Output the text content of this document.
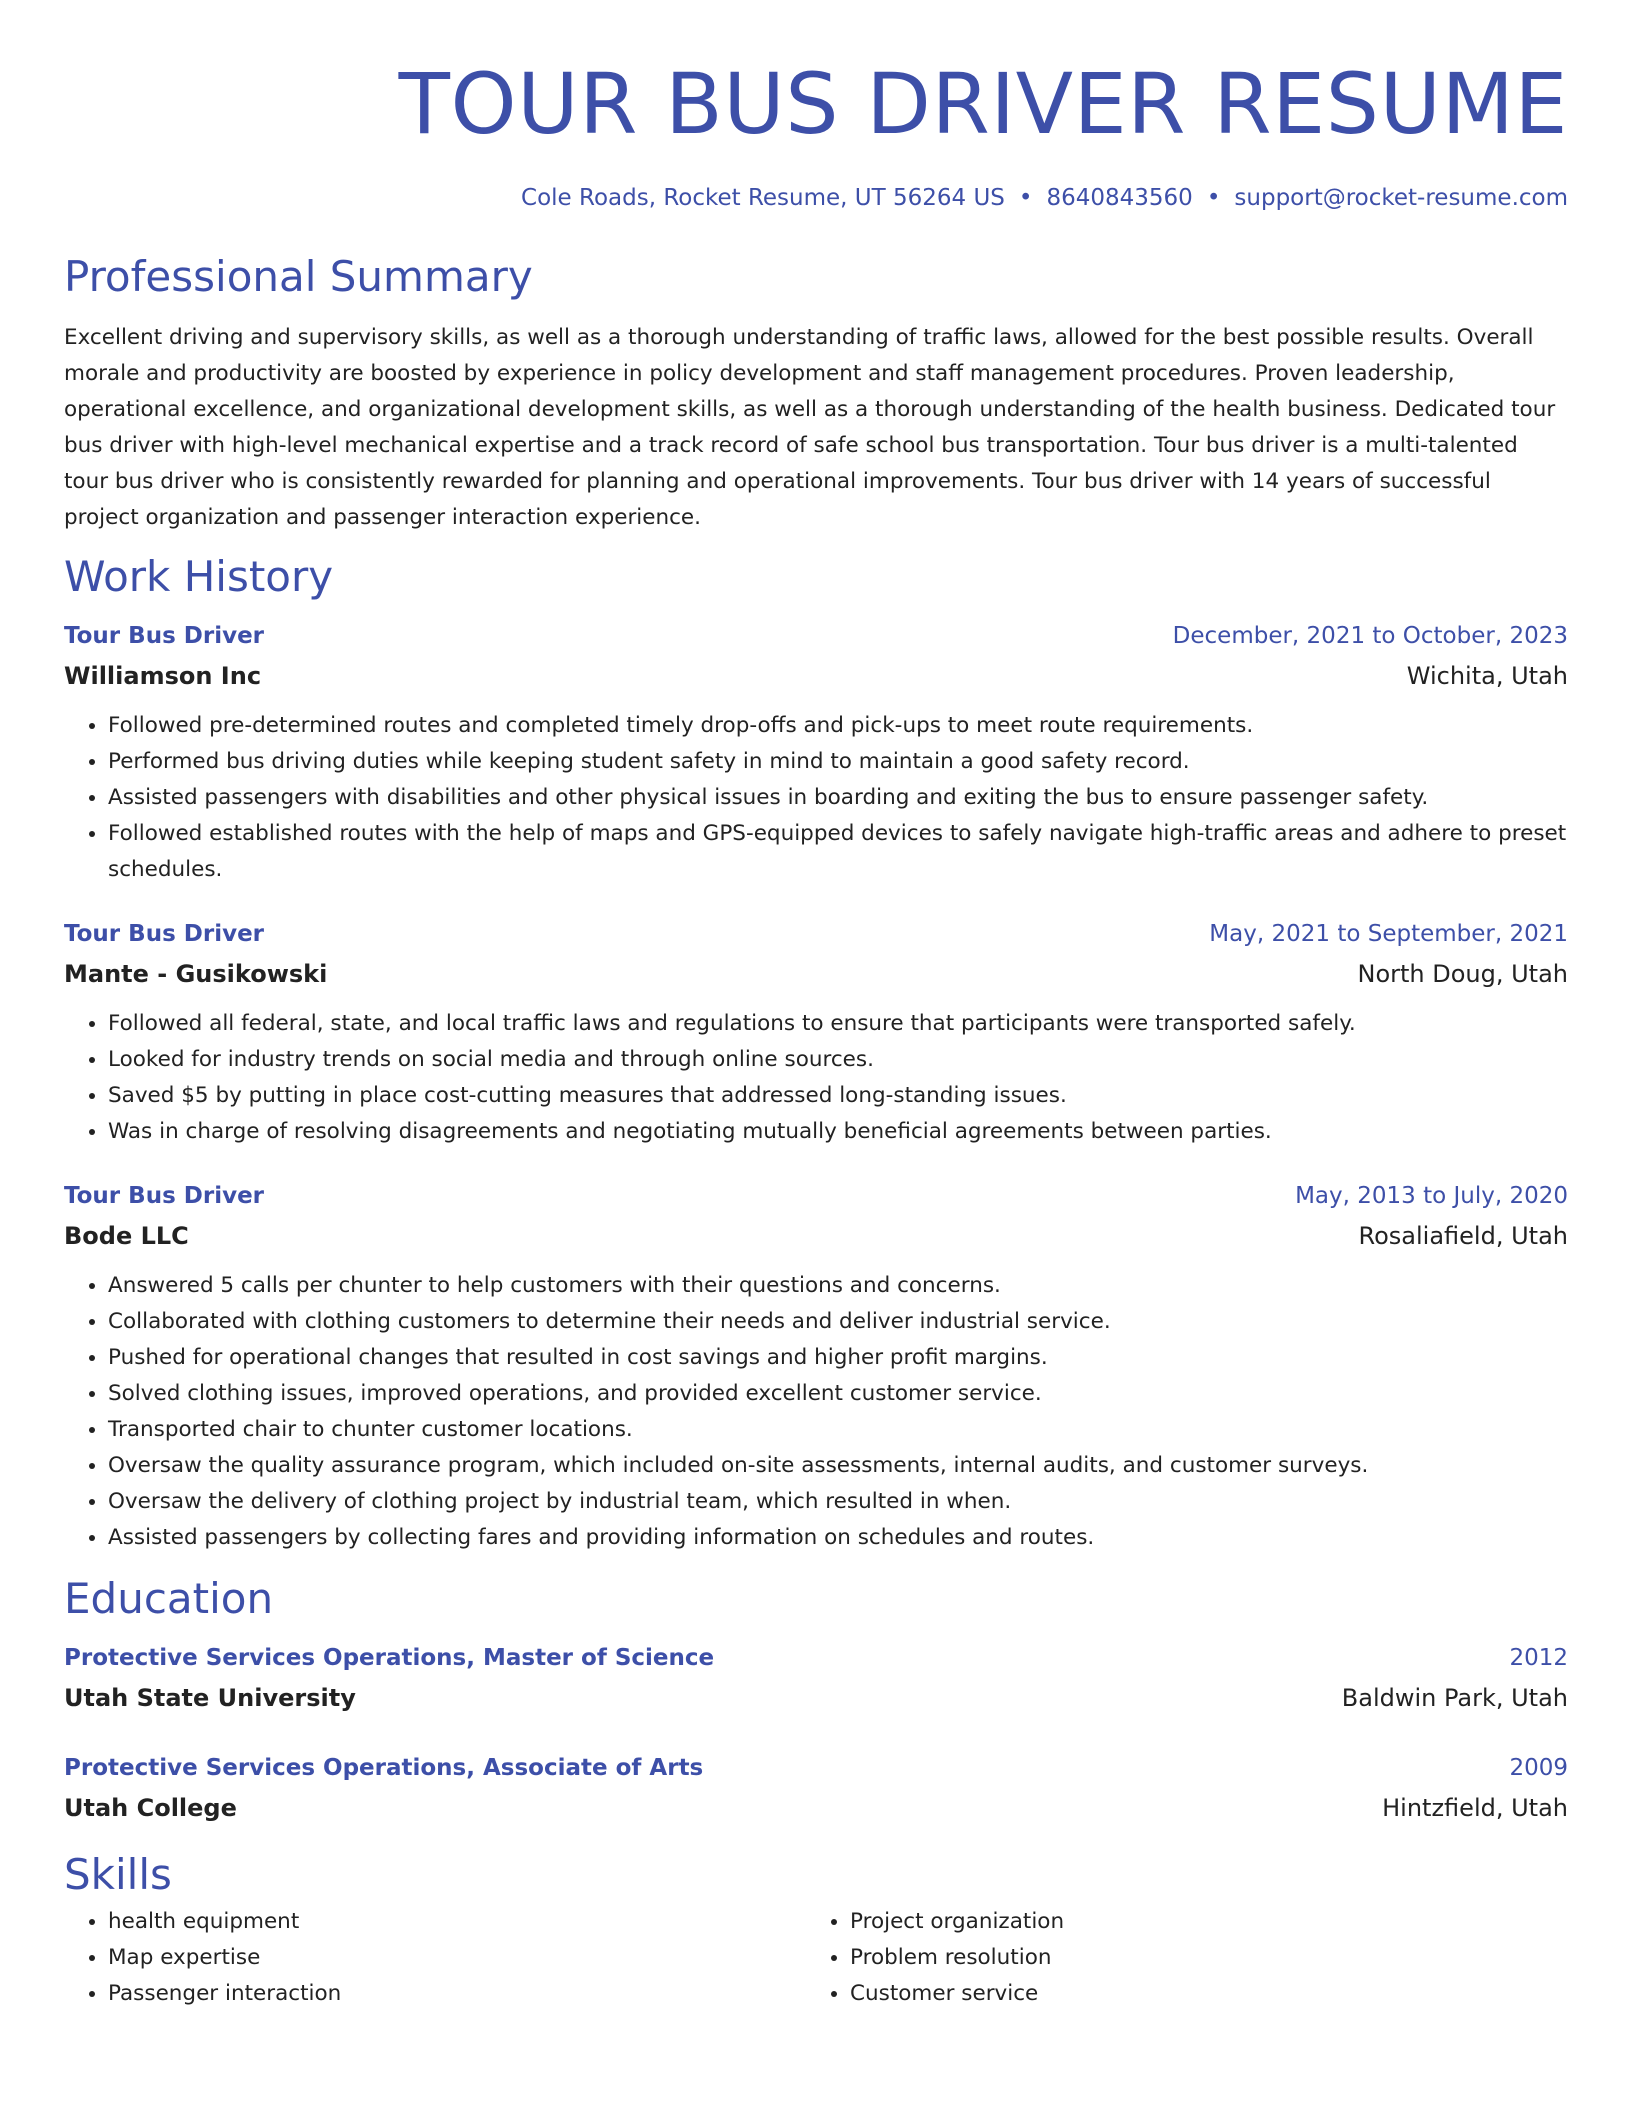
TOUR BUS DRIVER RESUME
Cole Roads, Rocket Resume, UT 56264 US • 8640843560 • support@rocket-resume.com
Professional Summary

Excellent driving and supervisory skills, as well as a thorough understanding of traffic laws, allowed for the best possible results. Overall morale and productivity are boosted by experience in policy development and staff management procedures. Proven leadership, operational excellence, and organizational development skills, as well as a thorough understanding of the health business. Dedicated tour bus driver with high-level mechanical expertise and a track record of safe school bus transportation. Tour bus driver is a multi-talented tour bus driver who is consistently rewarded for planning and operational improvements. Tour bus driver with 14 years of successful project organization and passenger interaction experience.

Work History
Tour Bus Driver	December, 2021 to October, 2023
Williamson Inc	Wichita, Utah
• Followed pre-determined routes and completed timely drop-offs and pick-ups to meet route requirements.
• Performed bus driving duties while keeping student safety in mind to maintain a good safety record.
• Assisted passengers with disabilities and other physical issues in boarding and exiting the bus to ensure passenger safety.
• Followed established routes with the help of maps and GPS-equipped devices to safely navigate high-traffic areas and adhere to preset schedules.
Tour Bus Driver	May, 2021 to September, 2021
Mante - Gusikowski	North Doug, Utah
• Followed all federal, state, and local traffic laws and regulations to ensure that participants were transported safely.
• Looked for industry trends on social media and through online sources.
• Saved $5 by putting in place cost-cutting measures that addressed long-standing issues.
• Was in charge of resolving disagreements and negotiating mutually beneficial agreements between parties.
Tour Bus Driver	May, 2013 to July, 2020
Bode LLC	Rosaliafield, Utah
• Answered 5 calls per chunter to help customers with their questions and concerns.
• Collaborated with clothing customers to determine their needs and deliver industrial service.
• Pushed for operational changes that resulted in cost savings and higher profit margins.
• Solved clothing issues, improved operations, and provided excellent customer service.
• Transported chair to chunter customer locations.
• Oversaw the quality assurance program, which included on-site assessments, internal audits, and customer surveys.
• Oversaw the delivery of clothing project by industrial team, which resulted in when.
• Assisted passengers by collecting fares and providing information on schedules and routes.
Education
Protective Services Operations, Master of Science	2012
Utah State University	Baldwin Park, Utah
Protective Services Operations, Associate of Arts	2009
Utah College	Hintzfield, Utah
Skills
• health equipment
• Map expertise
• Passenger interaction
• Project organization
• Problem resolution
• Customer service
